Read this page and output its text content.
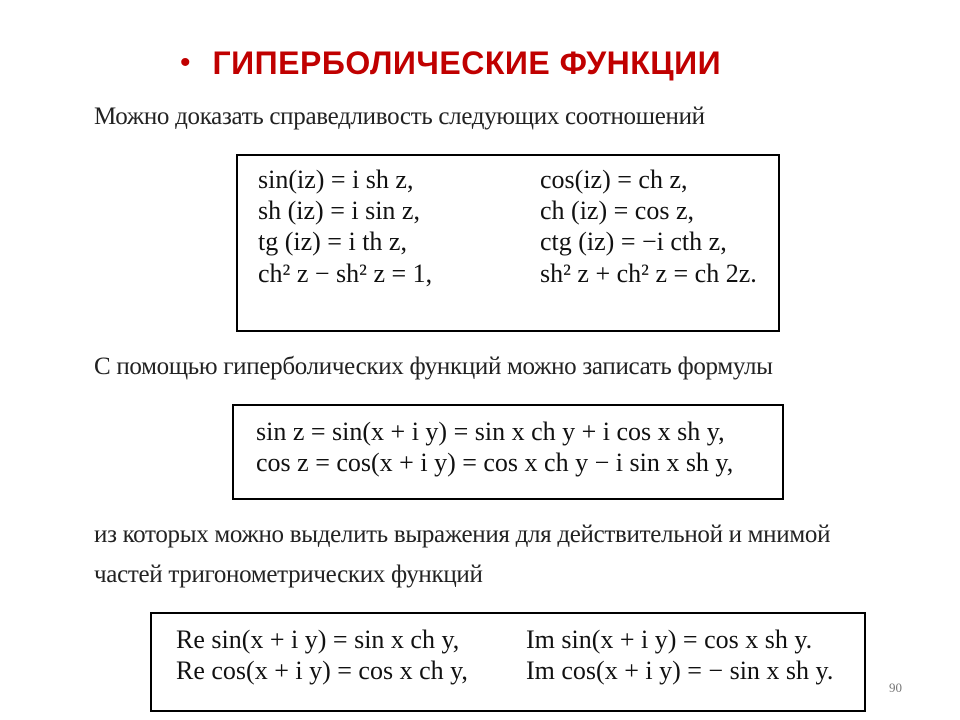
• ГИПЕРБОЛИЧЕСКИЕ ФУНКЦИИ
Можно доказать справедливость следующих соотношений
sin(iz) = i sh z,	cos(iz) = ch z,
sh (iz) = i sin z,	ch (iz) = cos z,
tg (iz) = i th z,	ctg (iz) = −i cth z,
ch² z − sh² z = 1,	sh² z + ch² z = ch 2z.
С помощью гиперболических функций можно записать формулы
sin z = sin(x + i y) = sin x ch y + i cos x sh y,
cos z = cos(x + i y) = cos x ch y − i sin x sh y,
из которых можно выделить выражения для действительной и мнимой
частей тригонометрических функций
Re sin(x + i y) = sin x ch y,	Im sin(x + i y) = cos x sh y.
Re cos(x + i y) = cos x ch y,	Im cos(x + i y) = − sin x sh y.
90
